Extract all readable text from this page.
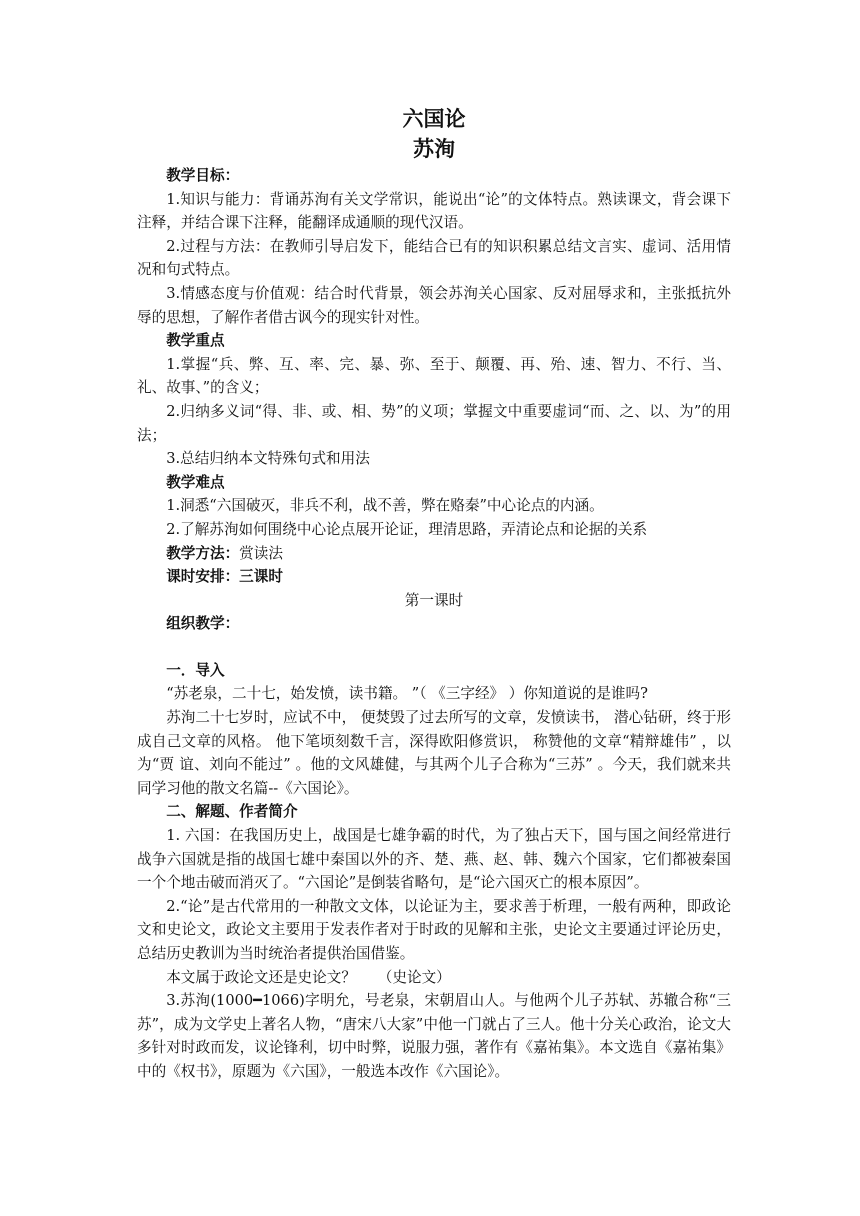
六国论
苏洵

教学目标：

1.知识与能力：背诵苏洵有关文学常识，能说出“论”的文体特点。熟读课文，背会课下注释，并结合课下注释，能翻译成通顺的现代汉语。

2.过程与方法：在教师引导启发下，能结合已有的知识积累总结文言实、虚词、活用情况和句式特点。

3.情感态度与价值观：结合时代背景，领会苏洵关心国家、反对屈辱求和，主张抵抗外辱的思想，了解作者借古讽今的现实针对性。

教学重点

1.掌握“兵、弊、互、率、完、暴、弥、至于、颠覆、再、殆、速、智力、不行、当、礼、故事、”的含义；

2.归纳多义词“得、非、或、相、势”的义项；掌握文中重要虚词“而、之、以、为”的用法；

3.总结归纳本文特殊句式和用法

教学难点

1.洞悉“六国破灭，非兵不利，战不善，弊在赂秦”中心论点的内涵。

2.了解苏洵如何围绕中心论点展开论证，理清思路，弄清论点和论据的关系

教学方法：赏读法

课时安排：三课时

第一课时

组织教学：

一．导入

“苏老泉，二十七，始发愤，读书籍。 ”（ 《三字经》 ）你知道说的是谁吗?

苏洵二十七岁时，应试不中， 便焚毁了过去所写的文章，发愤读书， 潜心钻研，终于形成自己文章的风格。 他下笔顷刻数千言，深得欧阳修赏识， 称赞他的文章“精辩雄伟” ，以为“贾 谊、刘向不能过” 。他的文风雄健，与其两个儿子合称为“三苏” 。今天，我们就来共同学习他的散文名篇--《六国论》。

二、解题、作者简介

1. 六国：在我国历史上，战国是七雄争霸的时代，为了独占天下，国与国之间经常进行战争六国就是指的战国七雄中秦国以外的齐、楚、燕、赵、韩、魏六个国家，它们都被秦国一个个地击破而消灭了。“六国论”是倒装省略句，是“论六国灭亡的根本原因”。

2.“论”是古代常用的一种散文文体，以论证为主，要求善于析理，一般有两种，即政论文和史论文，政论文主要用于发表作者对于时政的见解和主张，史论文主要通过评论历史，总结历史教训为当时统治者提供治国借鉴。

本文属于政论文还是史论文？　　（史论文）

3.苏洵(1000━1066)字明允，号老泉，宋朝眉山人。与他两个儿子苏轼、苏辙合称“三苏”，成为文学史上著名人物，“唐宋八大家”中他一门就占了三人。他十分关心政治，论文大多针对时政而发，议论锋利，切中时弊，说服力强，著作有《嘉祐集》。本文选自《嘉祐集》中的《权书》，原题为《六国》，一般选本改作《六国论》。
